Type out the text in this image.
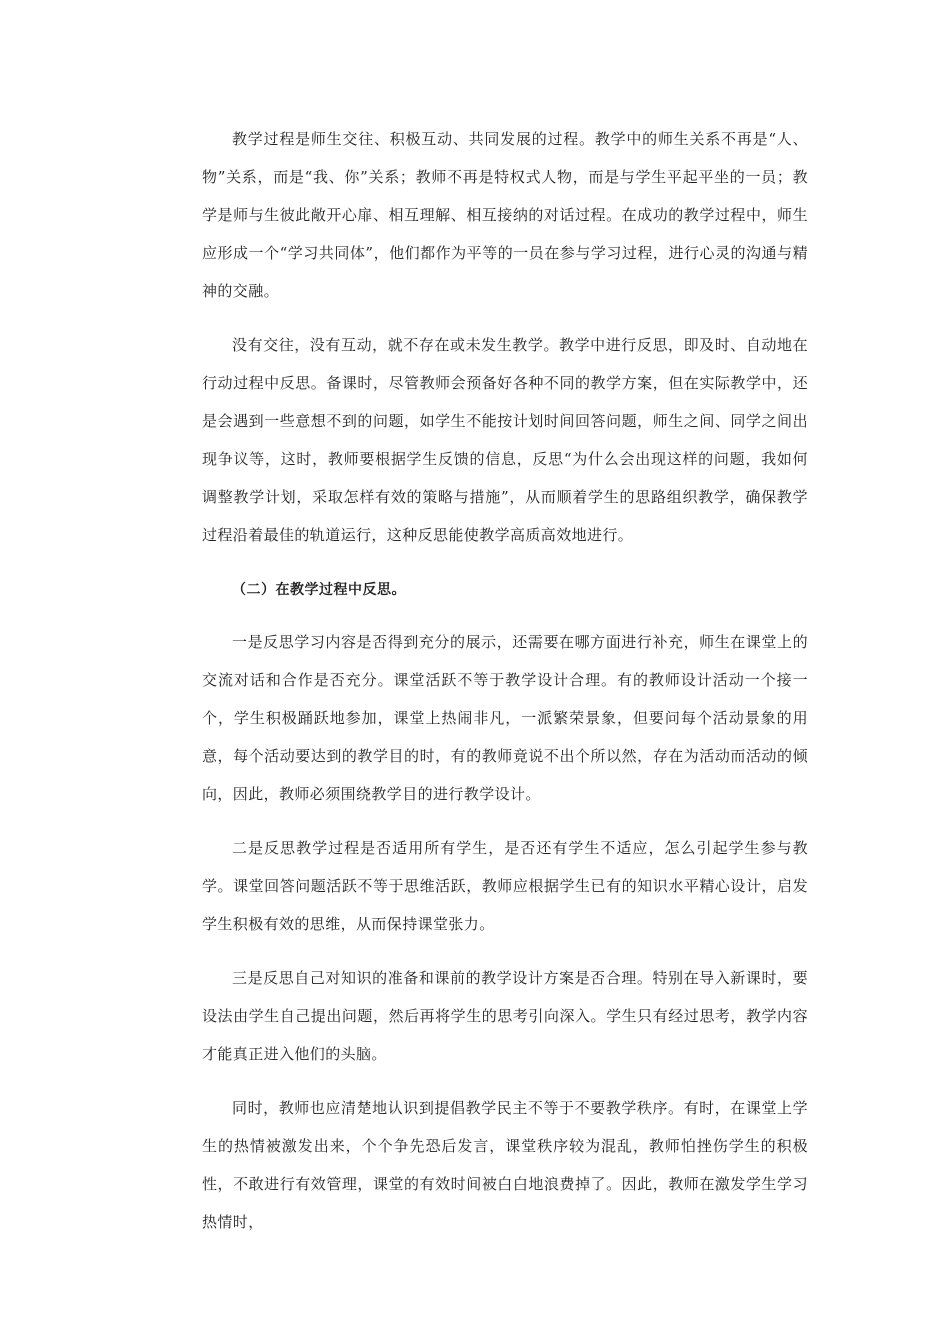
教学过程是师生交往、积极互动、共同发展的过程。教学中的师生关系不再是“人、物”关系，而是“我、你”关系；教师不再是特权式人物，而是与学生平起平坐的一员；教学是师与生彼此敞开心扉、相互理解、相互接纳的对话过程。在成功的教学过程中，师生应形成一个“学习共同体”，他们都作为平等的一员在参与学习过程，进行心灵的沟通与精神的交融。

没有交往，没有互动，就不存在或未发生教学。教学中进行反思，即及时、自动地在行动过程中反思。备课时，尽管教师会预备好各种不同的教学方案，但在实际教学中，还是会遇到一些意想不到的问题，如学生不能按计划时间回答问题，师生之间、同学之间出现争议等，这时，教师要根据学生反馈的信息，反思“为什么会出现这样的问题，我如何调整教学计划，采取怎样有效的策略与措施”，从而顺着学生的思路组织教学，确保教学过程沿着最佳的轨道运行，这种反思能使教学高质高效地进行。

（二）在教学过程中反思。

一是反思学习内容是否得到充分的展示，还需要在哪方面进行补充，师生在课堂上的交流对话和合作是否充分。课堂活跃不等于教学设计合理。有的教师设计活动一个接一个，学生积极踊跃地参加，课堂上热闹非凡，一派繁荣景象，但要问每个活动景象的用意，每个活动要达到的教学目的时，有的教师竟说不出个所以然，存在为活动而活动的倾向，因此，教师必须围绕教学目的进行教学设计。

二是反思教学过程是否适用所有学生，是否还有学生不适应，怎么引起学生参与教学。课堂回答问题活跃不等于思维活跃，教师应根据学生已有的知识水平精心设计，启发学生积极有效的思维，从而保持课堂张力。

三是反思自己对知识的准备和课前的教学设计方案是否合理。特别在导入新课时，要设法由学生自己提出问题，然后再将学生的思考引向深入。学生只有经过思考，教学内容才能真正进入他们的头脑。

同时，教师也应清楚地认识到提倡教学民主不等于不要教学秩序。有时，在课堂上学生的热情被激发出来，个个争先恐后发言，课堂秩序较为混乱，教师怕挫伤学生的积极性，不敢进行有效管理，课堂的有效时间被白白地浪费掉了。因此，教师在激发学生学习热情时，
